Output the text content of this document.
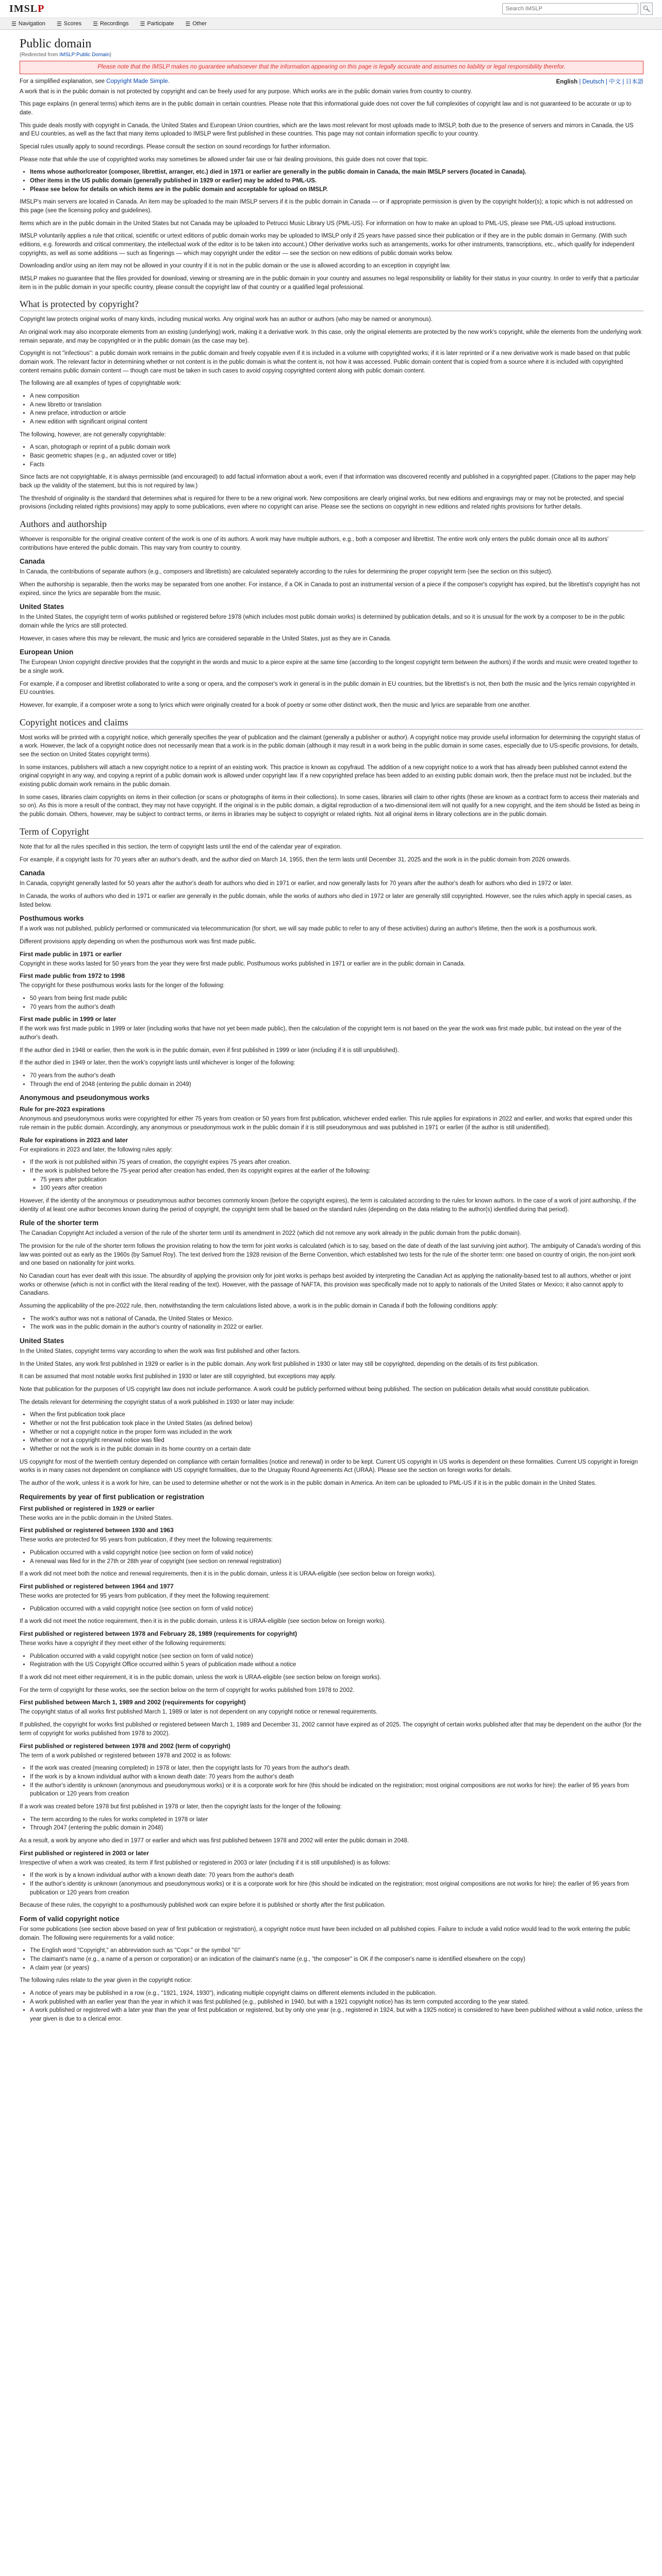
IMSLP
Search IMSLP	🔍︎
☰ Navigation ☰ Scores ☰ Recordings ☰ Participate ☰ Other
Public domain
(Redirected from IMSLP:Public Domain)
Please note that the IMSLP makes no guarantee whatsoever that the information appearing on this page is legally accurate and assumes no liability or legal responsibility therefor.
For a simplified explanation, see Copyright Made Simple.	English | Deutsch | 中文 | 日本語

A work that is in the public domain is not protected by copyright and can be freely used for any purpose. Which works are in the public domain varies from country to country.

This page explains (in general terms) which items are in the public domain in certain countries. Please note that this informational guide does not cover the full complexities of copyright law and is not guaranteed to be accurate or up to date.

This guide deals mostly with copyright in Canada, the United States and European Union countries, which are the laws most relevant for most uploads made to IMSLP, both due to the presence of servers and mirrors in Canada, the US and EU countries, as well as the fact that many items uploaded to IMSLP were first published in these countries. This page may not contain information specific to your country.

Special rules usually apply to sound recordings. Please consult the section on sound recordings for further information.

Please note that while the use of copyrighted works may sometimes be allowed under fair use or fair dealing provisions, this guide does not cover that topic.

• Items whose author/creator (composer, librettist, arranger, etc.) died in 1971 or earlier are generally in the public domain in Canada, the main IMSLP servers (located in Canada).
• Other items in the US public domain (generally published in 1929 or earlier) may be added to PML-US.
• Please see below for details on which items are in the public domain and acceptable for upload on IMSLP.

IMSLP's main servers are located in Canada. An item may be uploaded to the main IMSLP servers if it is the public domain in Canada — or if appropriate permission is given by the copyright holder(s); a topic which is not addressed on this page (see the licensing policy and guidelines).

Items which are in the public domain in the United States but not Canada may be uploaded to Petrucci Music Library US (PML-US). For information on how to make an upload to PML-US, please see PML-US upload instructions.

IMSLP voluntarily applies a rule that critical, scientific or urtext editions of public domain works may be uploaded to IMSLP only if 25 years have passed since their publication or if they are in the public domain in Germany. (With such editions, e.g. forewords and critical commentary, the intellectual work of the editor is to be taken into account.) Other derivative works such as arrangements, works for other instruments, transcriptions, etc., which qualify for independent copyrights, as well as some additions — such as fingerings — which may copyright under the editor — see the section on new editions of public domain works below.

Downloading and/or using an item may not be allowed in your country if it is not in the public domain or the use is allowed according to an exception in copyright law.

IMSLP makes no guarantee that the files provided for download, viewing or streaming are in the public domain in your country and assumes no legal responsibility or liability for their status in your country. In order to verify that a particular item is in the public domain in your specific country, please consult the copyright law of that country or a qualified legal professional.

What is protected by copyright?

Copyright law protects original works of many kinds, including musical works. Any original work has an author or authors (who may be named or anonymous).

An original work may also incorporate elements from an existing (underlying) work, making it a derivative work. In this case, only the original elements are protected by the new work's copyright, while the elements from the underlying work remain separate, and may be copyrighted or in the public domain (as the case may be).

Copyright is not "infectious": a public domain work remains in the public domain and freely copyable even if it is included in a volume with copyrighted works; if it is later reprinted or if a new derivative work is made based on that public domain work. The relevant factor in determining whether or not content is in the public domain is what the content is, not how it was accessed. Public domain content that is copied from a source where it is included with copyrighted content remains public domain content — though care must be taken in such cases to avoid copying copyrighted content along with public domain content.

The following are all examples of types of copyrightable work:

• A new composition
• A new libretto or translation
• A new preface, introduction or article
• A new edition with significant original content

The following, however, are not generally copyrightable:

• A scan, photograph or reprint of a public domain work
• Basic geometric shapes (e.g., an adjusted cover or title)
• Facts

Since facts are not copyrightable, it is always permissible (and encouraged) to add factual information about a work, even if that information was discovered recently and published in a copyrighted paper. (Citations to the paper may help back up the validity of the statement, but this is not required by law.)

The threshold of originality is the standard that determines what is required for there to be a new original work. New compositions are clearly original works, but new editions and engravings may or may not be protected, and special provisions (including related rights provisions) may apply to some publications, even where no copyright can arise. Please see the sections on copyright in new editions and related rights provisions for further details.

Authors and authorship

Whoever is responsible for the original creative content of the work is one of its authors. A work may have multiple authors, e.g., both a composer and librettist. The entire work only enters the public domain once all its authors' contributions have entered the public domain. This may vary from country to country.

Canada

In Canada, the contributions of separate authors (e.g., composers and librettists) are calculated separately according to the rules for determining the proper copyright term (see the section on this subject).

When the authorship is separable, then the works may be separated from one another. For instance, if a OK in Canada to post an instrumental version of a piece if the composer's copyright has expired, but the librettist's copyright has not expired, since the lyrics are separable from the music.

United States

In the United States, the copyright term of works published or registered before 1978 (which includes most public domain works) is determined by publication details, and so it is unusual for the work by a composer to be in the public domain while the lyrics are still protected.

However, in cases where this may be relevant, the music and lyrics are considered separable in the United States, just as they are in Canada.

European Union

The European Union copyright directive provides that the copyright in the words and music to a piece expire at the same time (according to the longest copyright term between the authors) if the words and music were created together to be a single work.

For example, if a composer and librettist collaborated to write a song or opera, and the composer's work in general is in the public domain in EU countries, but the librettist's is not, then both the music and the lyrics remain copyrighted in EU countries.

However, for example, if a composer wrote a song to lyrics which were originally created for a book of poetry or some other distinct work, then the music and lyrics are separable from one another.

Copyright notices and claims

Most works will be printed with a copyright notice, which generally specifies the year of publication and the claimant (generally a publisher or author). A copyright notice may provide useful information for determining the copyright status of a work. However, the lack of a copyright notice does not necessarily mean that a work is in the public domain (although it may result in a work being in the public domain in some cases, especially due to US-specific provisions, for details, see the section on United States copyright terms).

In some instances, publishers will attach a new copyright notice to a reprint of an existing work. This practice is known as copyfraud. The addition of a new copyright notice to a work that has already been published cannot extend the original copyright in any way, and copying a reprint of a public domain work is allowed under copyright law. If a new copyrighted preface has been added to an existing public domain work, then the preface must not be included, but the existing public domain work remains in the public domain.

In some cases, libraries claim copyrights on items in their collection (or scans or photographs of items in their collections). In some cases, libraries will claim to other rights (these are known as a contract form to access their materials and so on). As this is more a result of the contract, they may not have copyright. If the original is in the public domain, a digital reproduction of a two-dimensional item will not qualify for a new copyright, and the item should be listed as being in the public domain. Others, however, may be subject to contract terms, or items in libraries may be subject to copyright or related rights. Not all original items in library collections are in the public domain.

Term of Copyright

Note that for all the rules specified in this section, the term of copyright lasts until the end of the calendar year of expiration.

For example, if a copyright lasts for 70 years after an author's death, and the author died on March 14, 1955, then the term lasts until December 31, 2025 and the work is in the public domain from 2026 onwards.

Canada

In Canada, copyright generally lasted for 50 years after the author's death for authors who died in 1971 or earlier, and now generally lasts for 70 years after the author's death for authors who died in 1972 or later.

In Canada, the works of authors who died in 1971 or earlier are generally in the public domain, while the works of authors who died in 1972 or later are generally still copyrighted. However, see the rules which apply in special cases, as listed below.

Posthumous works

If a work was not published, publicly performed or communicated via telecommunication (for short, we will say made public to refer to any of these activities) during an author's lifetime, then the work is a posthumous work.

Different provisions apply depending on when the posthumous work was first made public.

First made public in 1971 or earlier

Copyright in these works lasted for 50 years from the year they were first made public. Posthumous works published in 1971 or earlier are in the public domain in Canada.

First made public from 1972 to 1998

The copyright for these posthumous works lasts for the longer of the following:

• 50 years from being first made public
• 70 years from the author's death
First made public in 1999 or later

If the work was first made public in 1999 or later (including works that have not yet been made public), then the calculation of the copyright term is not based on the year the work was first made public, but instead on the year of the author's death.

If the author died in 1948 or earlier, then the work is in the public domain, even if first published in 1999 or later (including if it is still unpublished).

If the author died in 1949 or later, then the work's copyright lasts until whichever is longer of the following:

• 70 years from the author's death
• Through the end of 2048 (entering the public domain in 2049)
Anonymous and pseudonymous works
Rule for pre-2023 expirations

Anonymous and pseudonymous works were copyrighted for either 75 years from creation or 50 years from first publication, whichever ended earlier. This rule applies for expirations in 2022 and earlier, and works that expired under this rule remain in the public domain. Accordingly, any anonymous or pseudonymous work in the public domain if it is still pseudonymous and was published in 1971 or earlier (if the author is still unidentified).

Rule for expirations in 2023 and later

For expirations in 2023 and later, the following rules apply:

• If the work is not published within 75 years of creation, the copyright expires 75 years after creation.
• If the work is published before the 75-year period after creation has ended, then its copyright expires at the earlier of the following:
◦ 75 years after publication
◦ 100 years after creation

However, if the identity of the anonymous or pseudonymous author becomes commonly known (before the copyright expires), the term is calculated according to the rules for known authors. In the case of a work of joint authorship, if the identity of at least one author becomes known during the period of copyright, the copyright term shall be based on the standard rules (depending on the data relating to the author(s) identified during that period).

Rule of the shorter term

The Canadian Copyright Act included a version of the rule of the shorter term until its amendment in 2022 (which did not remove any work already in the public domain from the public domain).

The provision for the rule of the shorter term follows the provision relating to how the term for joint works is calculated (which is to say, based on the date of death of the last surviving joint author). The ambiguity of Canada's wording of this law was pointed out as early as the 1960s (by Samuel Roy). The text derived from the 1928 revision of the Berne Convention, which established two tests for the rule of the shorter term: one based on country of origin, the non-joint work and one based on nationality for joint works.

No Canadian court has ever dealt with this issue. The absurdity of applying the provision only for joint works is perhaps best avoided by interpreting the Canadian Act as applying the nationality-based test to all authors, whether or joint works or otherwise (which is not in conflict with the literal reading of the text). However, with the passage of NAFTA, this provision was specifically made not to apply to nationals of the United States or Mexico; it also cannot apply to Canadians.

Assuming the applicability of the pre-2022 rule, then, notwithstanding the term calculations listed above, a work is in the public domain in Canada if both the following conditions apply:

• The work's author was not a national of Canada, the United States or Mexico.
• The work was in the public domain in the author's country of nationality in 2022 or earlier.
United States

In the United States, copyright terms vary according to when the work was first published and other factors.

In the United States, any work first published in 1929 or earlier is in the public domain. Any work first published in 1930 or later may still be copyrighted, depending on the details of its first publication.

It can be assumed that most notable works first published in 1930 or later are still copyrighted, but exceptions may apply.

Note that publication for the purposes of US copyright law does not include performance. A work could be publicly performed without being published. The section on publication details what would constitute publication.

The details relevant for determining the copyright status of a work published in 1930 or later may include:

• When the first publication took place
• Whether or not the first publication took place in the United States (as defined below)
• Whether or not a copyright notice in the proper form was included in the work
• Whether or not a copyright renewal notice was filed
• Whether or not the work is in the public domain in its home country on a certain date

US copyright for most of the twentieth century depended on compliance with certain formalities (notice and renewal) in order to be kept. Current US copyright in US works is dependent on these formalities. Current US copyright in foreign works is in many cases not dependent on compliance with US copyright formalities, due to the Uruguay Round Agreements Act (URAA). Please see the section on foreign works for details.

The author of the work, unless it is a work for hire, can be used to determine whether or not the work is in the public domain in America. An item can be uploaded to PML-US if it is in the public domain in the United States.

Requirements by year of first publication or registration
First published or registered in 1929 or earlier

These works are in the public domain in the United States.

First published or registered between 1930 and 1963

These works are protected for 95 years from publication, if they meet the following requirements:

• Publication occurred with a valid copyright notice (see section on form of valid notice)
• A renewal was filed for in the 27th or 28th year of copyright (see section on renewal registration)

If a work did not meet both the notice and renewal requirements, then it is in the public domain, unless it is URAA-eligible (see section below on foreign works).

First published or registered between 1964 and 1977

These works are protected for 95 years from publication, if they meet the following requirement:

• Publication occurred with a valid copyright notice (see section on form of valid notice)

If a work did not meet the notice requirement, then it is in the public domain, unless it is URAA-eligible (see section below on foreign works).

First published or registered between 1978 and February 28, 1989 (requirements for copyright)

These works have a copyright if they meet either of the following requirements:

• Publication occurred with a valid copyright notice (see section on form of valid notice)
• Registration with the US Copyright Office occurred within 5 years of publication made without a notice

If a work did not meet either requirement, it is in the public domain, unless the work is URAA-eligible (see section below on foreign works).

For the term of copyright for these works, see the section below on the term of copyright for works published from 1978 to 2002.

First published between March 1, 1989 and 2002 (requirements for copyright)

The copyright status of all works first published March 1, 1989 or later is not dependent on any copyright notice or renewal requirements.

If published, the copyright for works first published or registered between March 1, 1989 and December 31, 2002 cannot have expired as of 2025. The copyright of certain works published after that may be dependent on the author (for the term of copyright for works published from 1978 to 2002).

First published or registered between 1978 and 2002 (term of copyright)

The term of a work published or registered between 1978 and 2002 is as follows:

• If the work was created (meaning completed) in 1978 or later, then the copyright lasts for 70 years from the author's death.
• If the work is by a known individual author with a known death date: 70 years from the author's death
• If the author's identity is unknown (anonymous and pseudonymous works) or it is a corporate work for hire (this should be indicated on the registration; most original compositions are not works for hire): the earlier of 95 years from publication or 120 years from creation

If a work was created before 1978 but first published in 1978 or later, then the copyright lasts for the longer of the following:

• The term according to the rules for works completed in 1978 or later
• Through 2047 (entering the public domain in 2048)

As a result, a work by anyone who died in 1977 or earlier and which was first published between 1978 and 2002 will enter the public domain in 2048.

First published or registered in 2003 or later

Irrespective of when a work was created, its term if first published or registered in 2003 or later (including if it is still unpublished) is as follows:

• If the work is by a known individual author with a known death date: 70 years from the author's death
• If the author's identity is unknown (anonymous and pseudonymous works) or it is a corporate work for hire (this should be indicated on the registration; most original compositions are not works for hire): the earlier of 95 years from publication or 120 years from creation

Because of these rules, the copyright to a posthumously published work can expire before it is published or shortly after the first publication.

Form of valid copyright notice

For some publications (see section above based on year of first publication or registration), a copyright notice must have been included on all published copies. Failure to include a valid notice would lead to the work entering the public domain. The following were requirements for a valid notice:

• The English word "Copyright," an abbreviation such as "Copr." or the symbol "©"
• The claimant's name (e.g., a name of a person or corporation) or an indication of the claimant's name (e.g., "the composer" is OK if the composer's name is identified elsewhere on the copy)
• A claim year (or years)

The following rules relate to the year given in the copyright notice:

• A notice of years may be published in a row (e.g., "1921, 1924, 1930"), indicating multiple copyright claims on different elements included in the publication.
• A work published with an earlier year than the year in which it was first published (e.g., published in 1940, but with a 1921 copyright notice) has its term computed according to the year stated.
• A work published or registered with a later year than the year of first publication or registered, but by only one year (e.g., registered in 1924, but with a 1925 notice) is considered to have been published without a valid notice, unless the year given is due to a clerical error.
